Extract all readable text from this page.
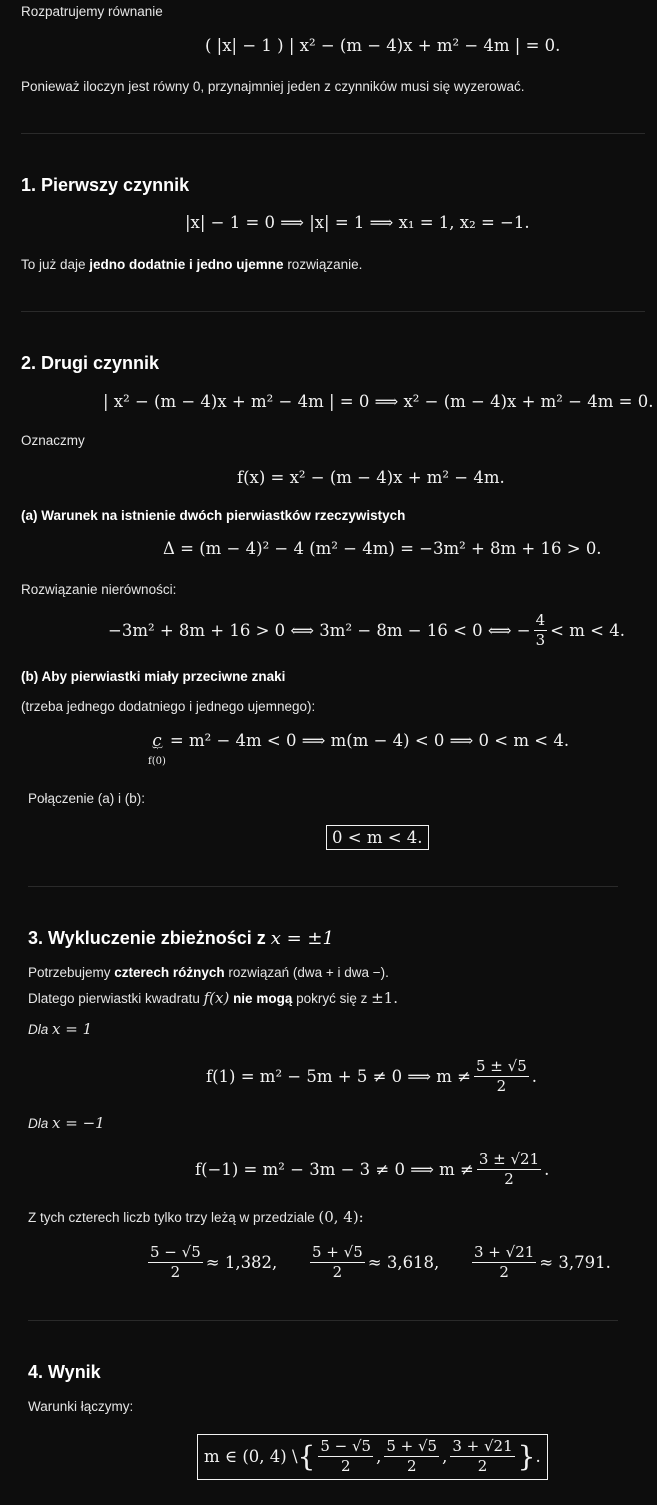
Rozpatrujemy równanie
( |x| − 1 ) | x² − (m − 4)x + m² − 4m | = 0.
Ponieważ iloczyn jest równy 0, przynajmniej jeden z czynników musi się wyzerować.
1. Pierwszy czynnik
|x| − 1 = 0 ⟹ |x| = 1 ⟹ x₁ = 1, x₂ = −1.
To już daje jedno dodatnie i jedno ujemne rozwiązanie.
2. Drugi czynnik
| x² − (m − 4)x + m² − 4m | = 0 ⟹ x² − (m − 4)x + m² − 4m = 0.
Oznaczmy
f(x) = x² − (m − 4)x + m² − 4m.
(a) Warunek na istnienie dwóch pierwiastków rzeczywistych
Δ = (m − 4)² − 4 (m² − 4m) = −3m² + 8m + 16 > 0.
Rozwiązanie nierówności:
−3m² + 8m + 16 > 0 ⟺ 3m² − 8m − 16 < 0 ⟺ − $\frac{4}{3} < m < 4$.
(b) Aby pierwiastki miały przeciwne znaki
(trzeba jednego dodatniego i jednego ujemnego):
c
︸
f(0)
= m² − 4m < 0 ⟹ m(m − 4) < 0 ⟹ 0 < m < 4.
Połączenie (a) i (b):
0 < m < 4.
3. Wykluczenie zbieżności z x = ±1
Potrzebujemy czterech różnych rozwiązań (dwa + i dwa −).
Dlatego pierwiastki kwadratu f(x) nie mogą pokryć się z ±1.
Dla x = 1
f(1) = m² − 5m + 5 ≠ 0 ⟹ $m \ne \frac{5 \pm √5}{2}$ .
Dla x = −1
f(−1) = m² − 3m − 3 ≠ 0 ⟹ $m \ne \frac{3 \pm √21}{2}$ .
Z tych czterech liczb tylko trzy leżą w przedziale (0, 4):
$\frac{5 - √5}{2} \approx 1,382$, $\frac{5 + √5}{2} \approx 3,618$, $\frac{3 + √21}{2} \approx 3,791$.
4. Wynik
Warunki łączymy:
m ∈ (0, 4) \ { $\frac{5 - √5}{2}$ , $\frac{5 + √5}{2}$ , $\frac{3 + √21}{2}$ } .
